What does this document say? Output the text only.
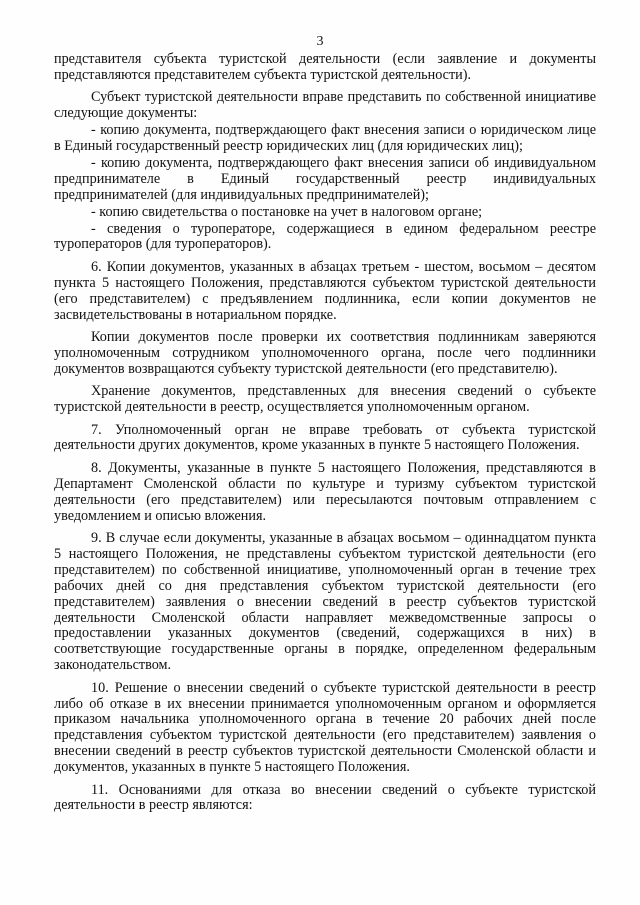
3

представителя субъекта туристской деятельности (если заявление и документы представляются представителем субъекта туристской деятельности).

Субъект туристской деятельности вправе представить по собственной инициативе следующие документы:

- копию документа, подтверждающего факт внесения записи о юридическом лице в Единый государственный реестр юридических лиц (для юридических лиц);

- копию документа, подтверждающего факт внесения записи об индивидуальном предпринимателе в Единый государственный реестр индивидуальных предпринимателей (для индивидуальных предпринимателей);

- копию свидетельства о постановке на учет в налоговом органе;

- сведения о туроператоре, содержащиеся в едином федеральном реестре туроператоров (для туроператоров).

6. Копии документов, указанных в абзацах третьем - шестом, восьмом – десятом пункта 5 настоящего Положения, представляются субъектом туристской деятельности (его представителем) с предъявлением подлинника, если копии документов не засвидетельствованы в нотариальном порядке.

Копии документов после проверки их соответствия подлинникам заверяются уполномоченным сотрудником уполномоченного органа, после чего подлинники документов возвращаются субъекту туристской деятельности (его представителю).

Хранение документов, представленных для внесения сведений о субъекте туристской деятельности в реестр, осуществляется уполномоченным органом.

7. Уполномоченный орган не вправе требовать от субъекта туристской деятельности других документов, кроме указанных в пункте 5 настоящего Положения.

8. Документы, указанные в пункте 5 настоящего Положения, представляются в Департамент Смоленской области по культуре и туризму субъектом туристской деятельности (его представителем) или пересылаются почтовым отправлением с уведомлением и описью вложения.

9. В случае если документы, указанные в абзацах восьмом – одиннадцатом пункта 5 настоящего Положения, не представлены субъектом туристской деятельности (его представителем) по собственной инициативе, уполномоченный орган в течение трех рабочих дней со дня представления субъектом туристской деятельности (его представителем) заявления о внесении сведений в реестр субъектов туристской деятельности Смоленской области направляет межведомственные запросы о предоставлении указанных документов (сведений, содержащихся в них) в соответствующие государственные органы в порядке, определенном федеральным законодательством.

10. Решение о внесении сведений о субъекте туристской деятельности в реестр либо об отказе в их внесении принимается уполномоченным органом и оформляется приказом начальника уполномоченного органа в течение 20 рабочих дней после представления субъектом туристской деятельности (его представителем) заявления о внесении сведений в реестр субъектов туристской деятельности Смоленской области и документов, указанных в пункте 5 настоящего Положения.

11. Основаниями для отказа во внесении сведений о субъекте туристской деятельности в реестр являются:
